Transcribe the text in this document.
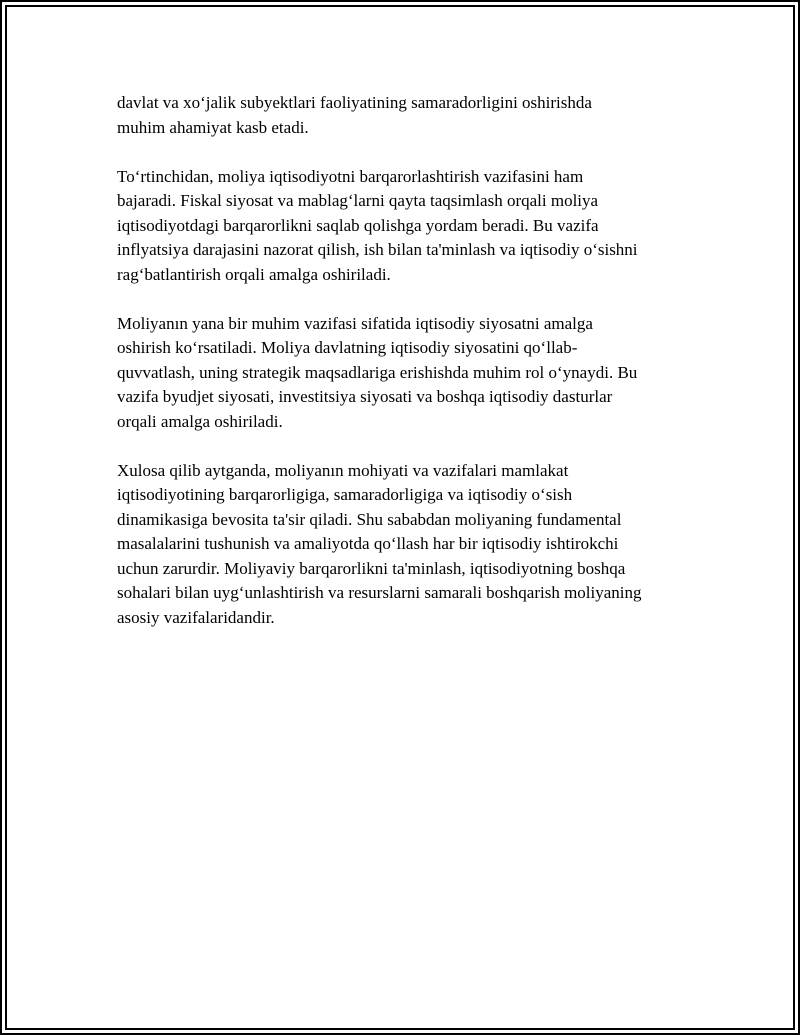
davlat va xo‘jalik subyektlari faoliyatining samaradorligini oshirishda
muhim ahamiyat kasb etadi.

To‘rtinchidan, moliya iqtisodiyotni barqarorlashtirish vazifasini ham
bajaradi. Fiskal siyosat va mablag‘larni qayta taqsimlash orqali moliya
iqtisodiyotdagi barqarorlikni saqlab qolishga yordam beradi. Bu vazifa
inflyatsiya darajasini nazorat qilish, ish bilan ta'minlash va iqtisodiy o‘sishni
rag‘batlantirish orqali amalga oshiriladi.

Moliyanın yana bir muhim vazifasi sifatida iqtisodiy siyosatni amalga
oshirish ko‘rsatiladi. Moliya davlatning iqtisodiy siyosatini qo‘llab-
quvvatlash, uning strategik maqsadlariga erishishda muhim rol o‘ynaydi. Bu
vazifa byudjet siyosati, investitsiya siyosati va boshqa iqtisodiy dasturlar
orqali amalga oshiriladi.

Xulosa qilib aytganda, moliyanın mohiyati va vazifalari mamlakat
iqtisodiyotining barqarorligiga, samaradorligiga va iqtisodiy o‘sish
dinamikasiga bevosita ta'sir qiladi. Shu sababdan moliyaning fundamental
masalalarini tushunish va amaliyotda qo‘llash har bir iqtisodiy ishtirokchi
uchun zarurdir. Moliyaviy barqarorlikni ta'minlash, iqtisodiyotning boshqa
sohalari bilan uyg‘unlashtirish va resurslarni samarali boshqarish moliyaning
asosiy vazifalaridandir.
